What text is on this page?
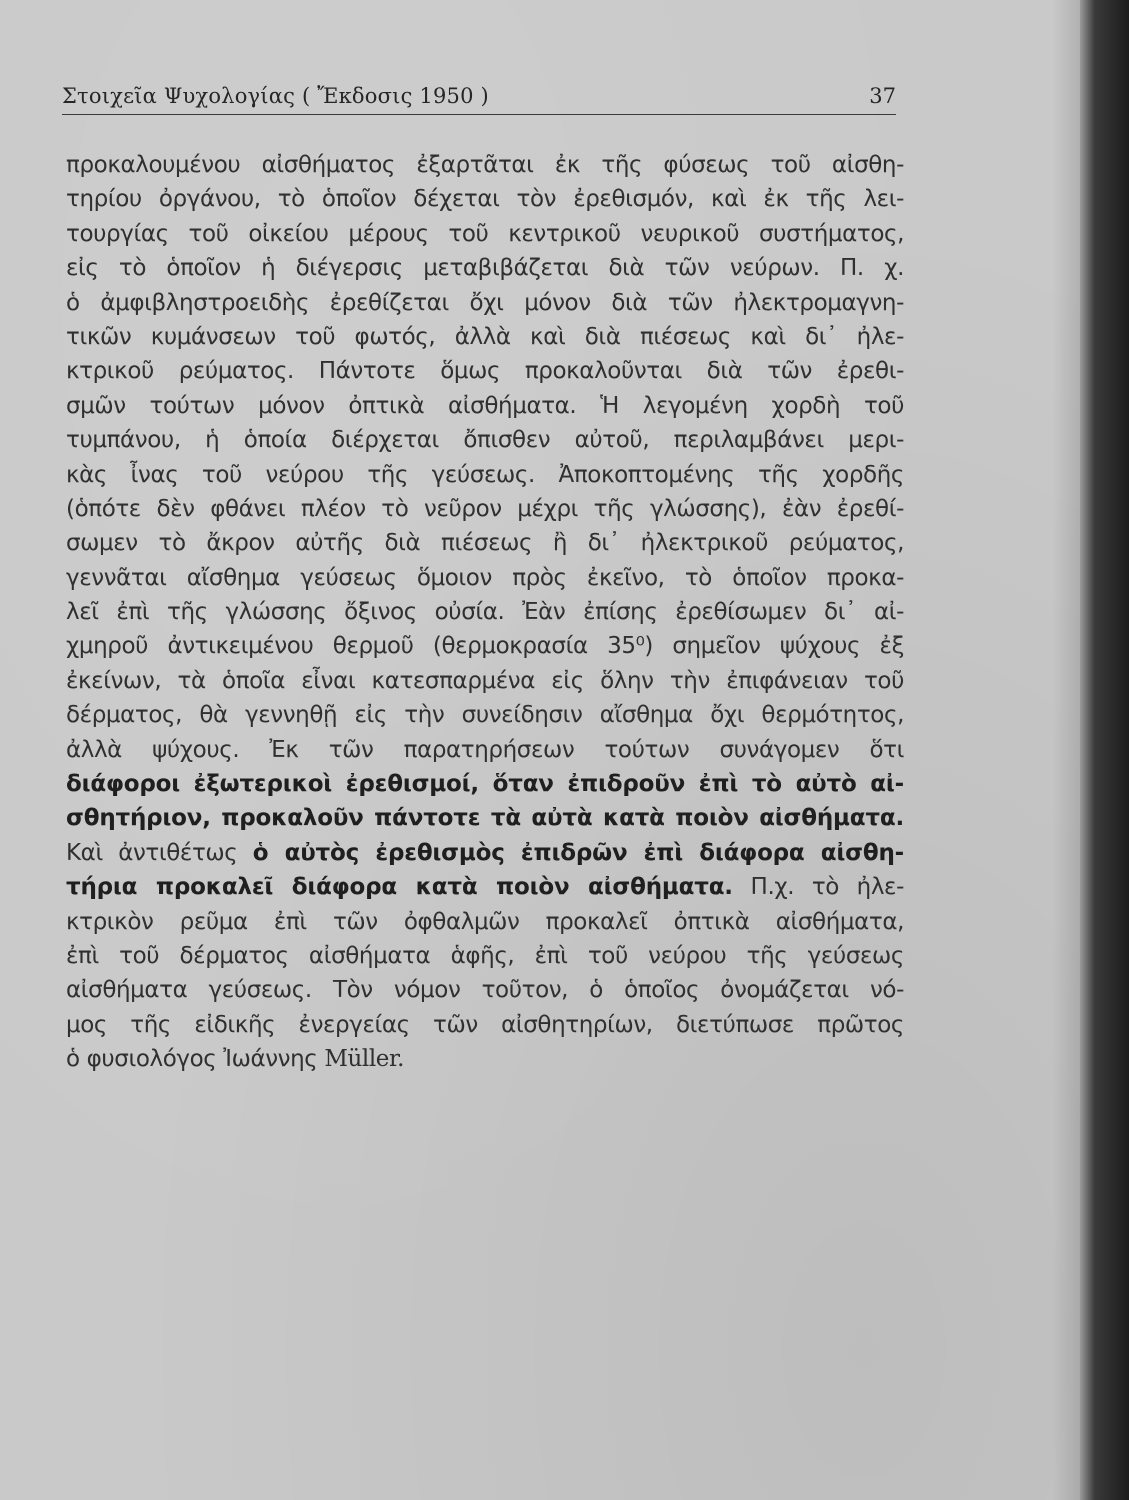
Στοιχεῖα Ψυχολογίας ( Ἔκδοσις 1950 )	37
προκαλουμένου αἰσθήματος ἐξαρτᾶται ἐκ τῆς φύσεως τοῦ αἰσθη-
τηρίου ὀργάνου, τὸ ὁποῖον δέχεται τὸν ἐρεθισμόν, καὶ ἐκ τῆς λει-
τουργίας τοῦ οἰκείου μέρους τοῦ κεντρικοῦ νευρικοῦ συστήματος,
εἰς τὸ ὁποῖον ἡ διέγερσις μεταβιβάζεται διὰ τῶν νεύρων. Π. χ.
ὁ ἀμφιβληστροειδὴς ἐρεθίζεται ὄχι μόνον διὰ τῶν ἠλεκτρομαγνη-
τικῶν κυμάνσεων τοῦ φωτός, ἀλλὰ καὶ διὰ πιέσεως καὶ δι᾽ ἠλε-
κτρικοῦ ρεύματος. Πάντοτε ὅμως προκαλοῦνται διὰ τῶν ἐρεθι-
σμῶν τούτων μόνον ὀπτικὰ αἰσθήματα. Ἡ λεγομένη χορδὴ τοῦ
τυμπάνου, ἡ ὁποία διέρχεται ὄπισθεν αὐτοῦ, περιλαμβάνει μερι-
κὰς ἶνας τοῦ νεύρου τῆς γεύσεως. Ἀποκοπτομένης τῆς χορδῆς
(ὁπότε δὲν φθάνει πλέον τὸ νεῦρον μέχρι τῆς γλώσσης), ἐὰν ἐρεθί-
σωμεν τὸ ἄκρον αὐτῆς διὰ πιέσεως ἢ δι᾽ ἠλεκτρικοῦ ρεύματος,
γεννᾶται αἴσθημα γεύσεως ὅμοιον πρὸς ἐκεῖνο, τὸ ὁποῖον προκα-
λεῖ ἐπὶ τῆς γλώσσης ὄξινος οὐσία. Ἐὰν ἐπίσης ἐρεθίσωμεν δι᾽ αἰ-
χμηροῦ ἀντικειμένου θερμοῦ (θερμοκρασία 35⁰) σημεῖον ψύχους ἐξ
ἐκείνων, τὰ ὁποῖα εἶναι κατεσπαρμένα εἰς ὅλην τὴν ἐπιφάνειαν τοῦ
δέρματος, θὰ γεννηθῇ εἰς τὴν συνείδησιν αἴσθημα ὄχι θερμότητος,
ἀλλὰ ψύχους. Ἐκ τῶν παρατηρήσεων τούτων συνάγομεν ὅτι
διάφοροι ἐξωτερικοὶ ἐρεθισμοί, ὅταν ἐπιδροῦν ἐπὶ τὸ αὐτὸ αἰ-
σθητήριον, προκαλοῦν πάντοτε τὰ αὐτὰ κατὰ ποιὸν αἰσθήματα.
Καὶ ἀντιθέτως ὁ αὐτὸς ἐρεθισμὸς ἐπιδρῶν ἐπὶ διάφορα αἰσθη-
τήρια προκαλεῖ διάφορα κατὰ ποιὸν αἰσθήματα. Π.χ. τὸ ἠλε-
κτρικὸν ρεῦμα ἐπὶ τῶν ὀφθαλμῶν προκαλεῖ ὀπτικὰ αἰσθήματα,
ἐπὶ τοῦ δέρματος αἰσθήματα ἁφῆς, ἐπὶ τοῦ νεύρου τῆς γεύσεως
αἰσθήματα γεύσεως. Τὸν νόμον τοῦτον, ὁ ὁποῖος ὀνομάζεται νό-
μος τῆς εἰδικῆς ἐνεργείας τῶν αἰσθητηρίων, διετύπωσε πρῶτος
ὁ φυσιολόγος Ἰωάννης Müller.
